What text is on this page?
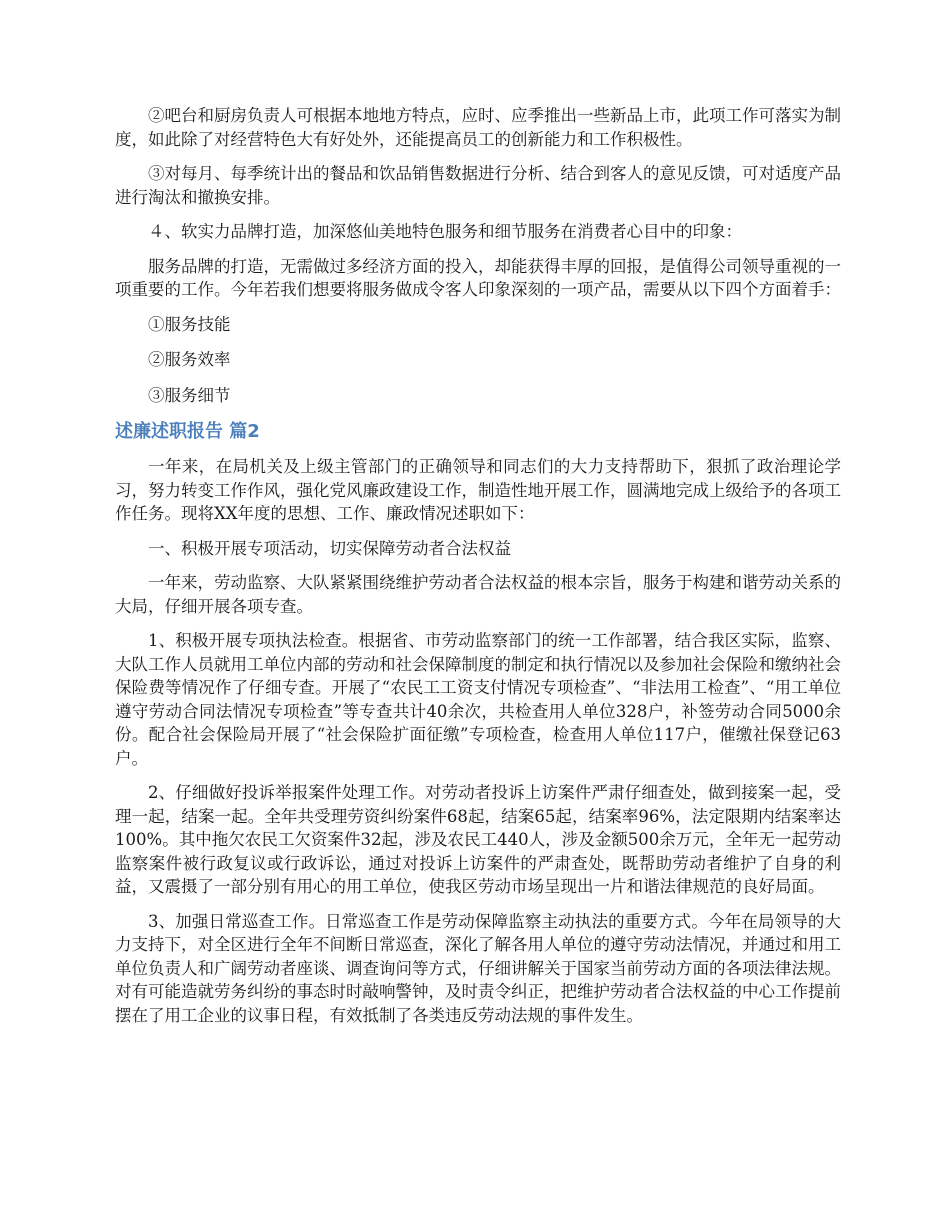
②吧台和厨房负责人可根据本地地方特点，应时、应季推出一些新品上市，此项工作可落实为制度，如此除了对经营特色大有好处外，还能提高员工的创新能力和工作积极性。

③对每月、每季统计出的餐品和饮品销售数据进行分析、结合到客人的意见反馈，可对适度产品进行淘汰和撤换安排。

４、软实力品牌打造，加深悠仙美地特色服务和细节服务在消费者心目中的印象：

服务品牌的打造，无需做过多经济方面的投入，却能获得丰厚的回报，是值得公司领导重视的一项重要的工作。今年若我们想要将服务做成令客人印象深刻的一项产品，需要从以下四个方面着手：

①服务技能

②服务效率

③服务细节

述廉述职报告 篇2

一年来，在局机关及上级主管部门的正确领导和同志们的大力支持帮助下，狠抓了政治理论学习，努力转变工作作风，强化党风廉政建设工作，制造性地开展工作，圆满地完成上级给予的各项工作任务。现将XX年度的思想、工作、廉政情况述职如下：

一、积极开展专项活动，切实保障劳动者合法权益

一年来，劳动监察、大队紧紧围绕维护劳动者合法权益的根本宗旨，服务于构建和谐劳动关系的大局，仔细开展各项专查。

1、积极开展专项执法检查。根据省、市劳动监察部门的统一工作部署，结合我区实际，监察、大队工作人员就用工单位内部的劳动和社会保障制度的制定和执行情况以及参加社会保险和缴纳社会保险费等情况作了仔细专查。开展了“农民工工资支付情况专项检查”、“非法用工检查”、“用工单位遵守劳动合同法情况专项检查”等专查共计40余次，共检查用人单位328户，补签劳动合同5000余份。配合社会保险局开展了“社会保险扩面征缴”专项检查，检查用人单位117户，催缴社保登记63户。

2、仔细做好投诉举报案件处理工作。对劳动者投诉上访案件严肃仔细查处，做到接案一起，受理一起，结案一起。全年共受理劳资纠纷案件68起，结案65起，结案率96%，法定限期内结案率达100%。其中拖欠农民工欠资案件32起，涉及农民工440人，涉及金额500余万元，全年无一起劳动监察案件被行政复议或行政诉讼，通过对投诉上访案件的严肃查处，既帮助劳动者维护了自身的利益，又震摄了一部分别有用心的用工单位，使我区劳动市场呈现出一片和谐法律规范的良好局面。

3、加强日常巡查工作。日常巡查工作是劳动保障监察主动执法的重要方式。今年在局领导的大力支持下，对全区进行全年不间断日常巡查，深化了解各用人单位的遵守劳动法情况，并通过和用工单位负责人和广阔劳动者座谈、调查询问等方式，仔细讲解关于国家当前劳动方面的各项法律法规。对有可能造就劳务纠纷的事态时时敲响警钟，及时责令纠正，把维护劳动者合法权益的中心工作提前摆在了用工企业的议事日程，有效抵制了各类违反劳动法规的事件发生。
